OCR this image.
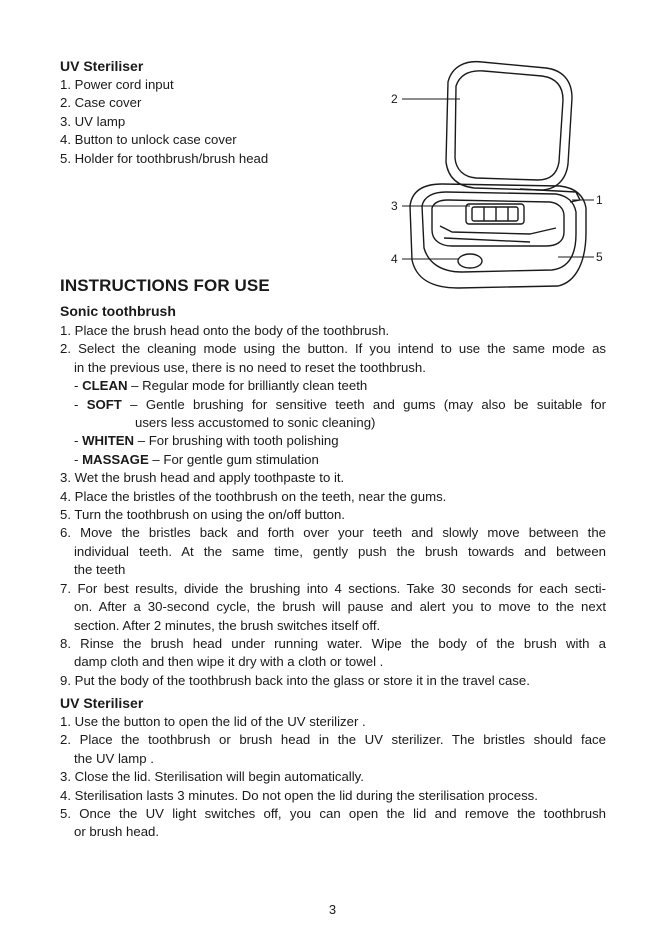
UV Steriliser
1. Power cord input
2. Case cover
3. UV lamp
4. Button to unlock case cover
5. Holder for toothbrush/brush head
2
3
4
1
5
INSTRUCTIONS FOR USE
Sonic toothbrush
1. Place the brush head onto the body of the toothbrush.
2. Select the cleaning mode using the button. If you intend to use the same mode as
in the previous use, there is no need to reset the toothbrush.
- CLEAN – Regular mode for brilliantly clean teeth
- SOFT – Gentle brushing for sensitive teeth and gums (may also be suitable for
users less accustomed to sonic cleaning)
- WHITEN – For brushing with tooth polishing
- MASSAGE – For gentle gum stimulation
3. Wet the brush head and apply toothpaste to it.
4. Place the bristles of the toothbrush on the teeth, near the gums.
5. Turn the toothbrush on using the on/off button.
6. Move the bristles back and forth over your teeth and slowly move between the
individual teeth. At the same time, gently push the brush towards and between
the teeth
7. For best results, divide the brushing into 4 sections. Take 30 seconds for each secti-
on. After a 30-second cycle, the brush will pause and alert you to move to the next
section. After 2 minutes, the brush switches itself off.
8. Rinse the brush head under running water. Wipe the body of the brush with a
damp cloth and then wipe it dry with a cloth or towel .
9. Put the body of the toothbrush back into the glass or store it in the travel case.
UV Steriliser
1. Use the button to open the lid of the UV sterilizer .
2. Place the toothbrush or brush head in the UV sterilizer. The bristles should face
the UV lamp .
3. Close the lid. Sterilisation will begin automatically.
4. Sterilisation lasts 3 minutes. Do not open the lid during the sterilisation process.
5. Once the UV light switches off, you can open the lid and remove the toothbrush
or brush head.
3
